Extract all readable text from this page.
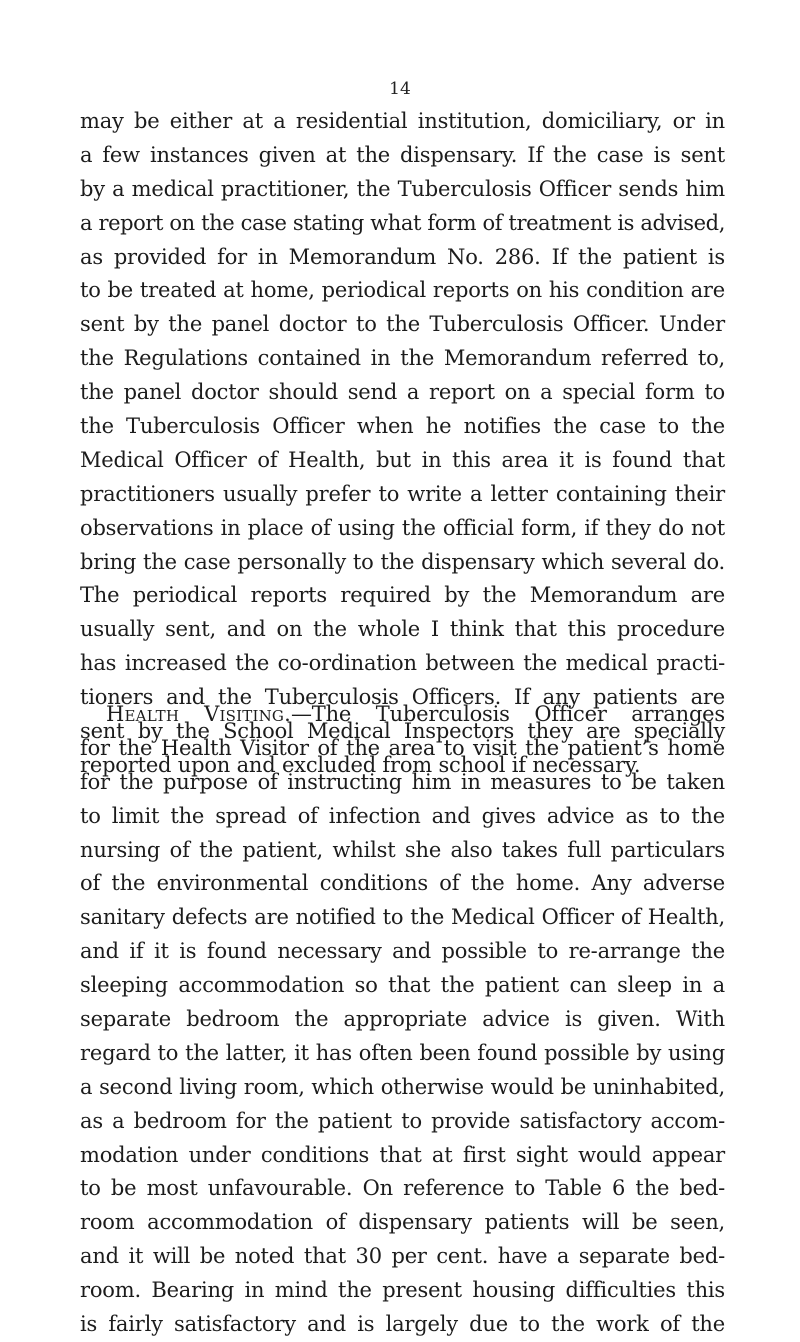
14
may be either at a residential institution, domiciliary, or in
a few instances given at the dispensary. If the case is sent
by a medical practitioner, the Tuberculosis Officer sends him
a report on the case stating what form of treatment is advised,
as provided for in Memorandum No. 286. If the patient is
to be treated at home, periodical reports on his condition are
sent by the panel doctor to the Tuberculosis Officer. Under
the Regulations contained in the Memorandum referred to,
the panel doctor should send a report on a special form to
the Tuberculosis Officer when he notifies the case to the
Medical Officer of Health, but in this area it is found that
practitioners usually prefer to write a letter containing their
observations in place of using the official form, if they do not
bring the case personally to the dispensary which several do.
The periodical reports required by the Memorandum are
usually sent, and on the whole I think that this procedure
has increased the co-ordination between the medical practi-
tioners and the Tuberculosis Officers. If any patients are
sent by the School Medical Inspectors they are specially
reported upon and excluded from school if necessary.
Health Visiting.—The Tuberculosis Officer arranges
for the Health Visitor of the area to visit the patient’s home
for the purpose of instructing him in measures to be taken
to limit the spread of infection and gives advice as to the
nursing of the patient, whilst she also takes full particulars
of the environmental conditions of the home. Any adverse
sanitary defects are notified to the Medical Officer of Health,
and if it is found necessary and possible to re-arrange the
sleeping accommodation so that the patient can sleep in a
separate bedroom the appropriate advice is given. With
regard to the latter, it has often been found possible by using
a second living room, which otherwise would be uninhabited,
as a bedroom for the patient to provide satisfactory accom-
modation under conditions that at first sight would appear
to be most unfavourable. On reference to Table 6 the bed-
room accommodation of dispensary patients will be seen,
and it will be noted that 30 per cent. have a separate bed-
room. Bearing in mind the present housing difficulties this
is fairly satisfactory and is largely due to the work of the
